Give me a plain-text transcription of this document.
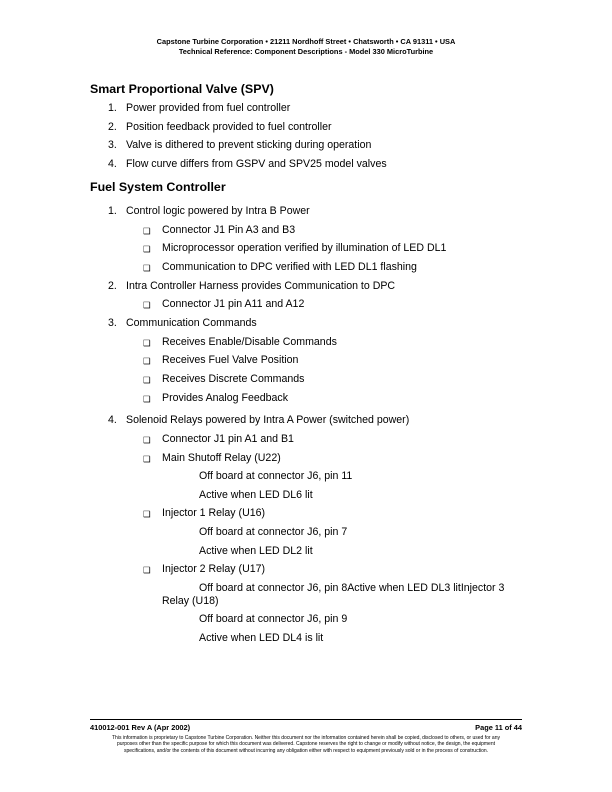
Capstone Turbine Corporation • 21211 Nordhoff Street • Chatsworth • CA 91311 • USA
Technical Reference: Component Descriptions - Model 330 MicroTurbine
Smart Proportional Valve (SPV)
1. Power provided from fuel controller
2. Position feedback provided to fuel controller
3. Valve is dithered to prevent sticking during operation
4. Flow curve differs from GSPV and SPV25 model valves
Fuel System Controller
1. Control logic powered by Intra B Power
❑ Connector J1 Pin A3 and B3
❑ Microprocessor operation verified by illumination of LED DL1
❑ Communication to DPC verified with LED DL1 flashing
2. Intra Controller Harness provides Communication to DPC
❑ Connector J1 pin A11 and A12
3. Communication Commands
❑ Receives Enable/Disable Commands
❑ Receives Fuel Valve Position
❑ Receives Discrete Commands
❑ Provides Analog Feedback
4. Solenoid Relays powered by Intra A Power (switched power)
❑ Connector J1 pin A1 and B1
❑ Main Shutoff Relay (U22)
Off board at connector J6, pin 11
Active when LED DL6 lit
❑ Injector 1 Relay (U16)
Off board at connector J6, pin 7
Active when LED DL2 lit
❑ Injector 2 Relay (U17)
Off board at connector J6, pin 8Active when LED DL3 litInjector 3 Relay (U18)
Off board at connector J6, pin 9
Active when LED DL4 is lit
410012-001 Rev A (Apr 2002)	Page 11 of 44
This information is proprietary to Capstone Turbine Corporation. Neither this document nor the information contained herein shall be copied, disclosed to others, or used for any
purposes other than the specific purpose for which this document was delivered. Capstone reserves the right to change or modify without notice, the design, the equipment
specifications, and/or the contents of this document without incurring any obligation either with respect to equipment previously sold or in the process of construction.
